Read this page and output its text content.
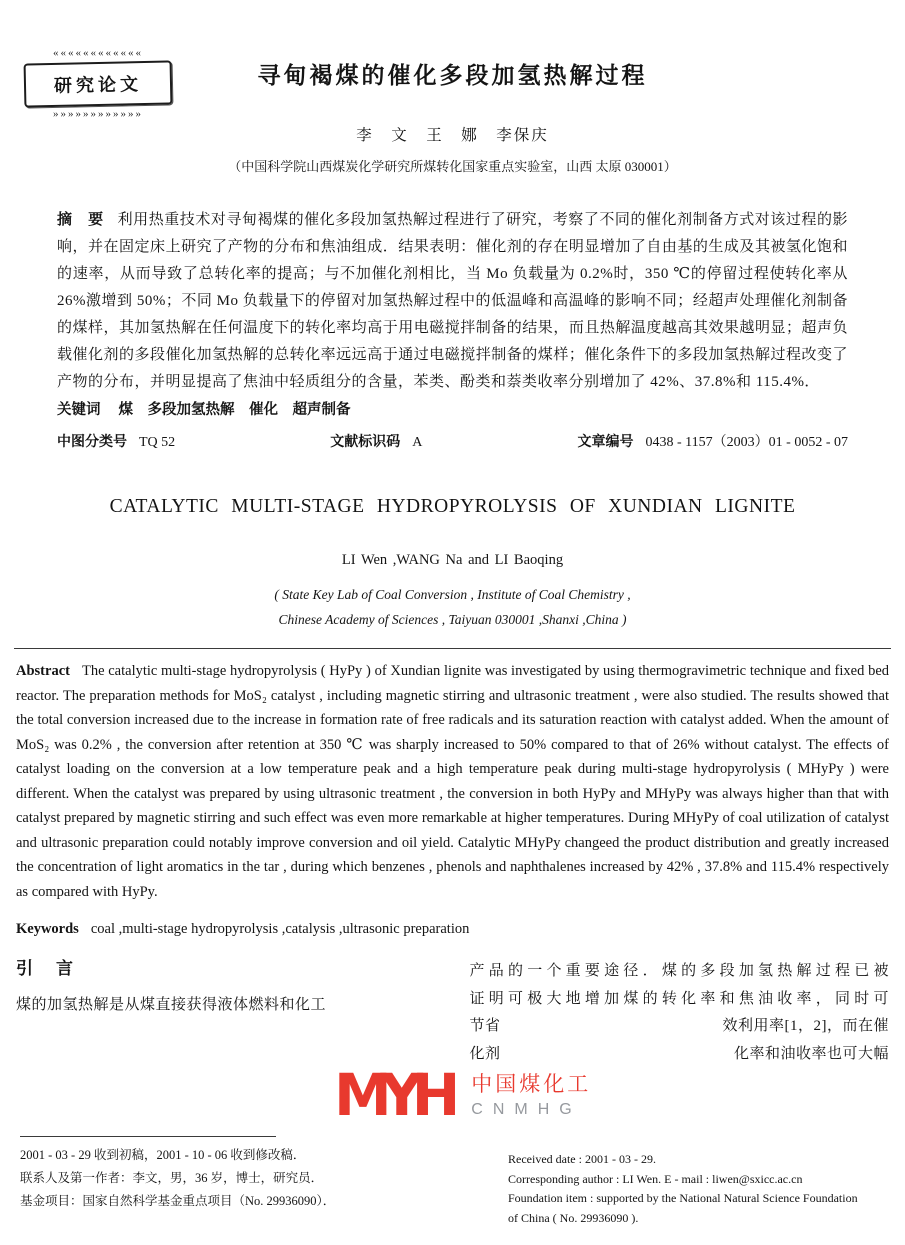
««««««««««««
研究论文
»»»»»»»»»»»»
寻甸褐煤的催化多段加氢热解过程
李　文　王　娜　李保庆
（中国科学院山西煤炭化学研究所煤转化国家重点实验室，山西 太原 030001）

摘　要 利用热重技术对寻甸褐煤的催化多段加氢热解过程进行了研究，考察了不同的催化剂制备方式对该过程的影响，并在固定床上研究了产物的分布和焦油组成．结果表明：催化剂的存在明显增加了自由基的生成及其被氢化饱和的速率，从而导致了总转化率的提高；与不加催化剂相比，当 Mo 负载量为 0.2%时，350 ℃的停留过程使转化率从 26%激增到 50%；不同 Mo 负载量下的停留对加氢热解过程中的低温峰和高温峰的影响不同；经超声处理催化剂制备的煤样，其加氢热解在任何温度下的转化率均高于用电磁搅拌制备的结果，而且热解温度越高其效果越明显；超声负载催化剂的多段催化加氢热解的总转化率远远高于通过电磁搅拌制备的煤样；催化条件下的多段加氢热解过程改变了产物的分布，并明显提高了焦油中轻质组分的含量，苯类、酚类和萘类收率分别增加了 42%、37.8%和 115.4%．

关键词 煤　多段加氢热解　催化　超声制备

中图分类号 TQ 52	文献标识码 A	文章编号 0438 - 1157（2003）01 - 0052 - 07
CATALYTIC MULTI-STAGE HYDROPYROLYSIS OF XUNDIAN LIGNITE
LI Wen ,WANG Na and LI Baoqing
( State Key Lab of Coal Conversion , Institute of Coal Chemistry ,
Chinese Academy of Sciences , Taiyuan 030001 ,Shanxi ,China )

Abstract The catalytic multi-stage hydropyrolysis ( HyPy ) of Xundian lignite was investigated by using thermogravimetric technique and fixed bed reactor. The preparation methods for MoS₂ catalyst , including magnetic stirring and ultrasonic treatment , were also studied. The results showed that the total conversion increased due to the increase in formation rate of free radicals and its saturation reaction with catalyst added. When the amount of MoS₂ was 0.2% , the conversion after retention at 350 ℃ was sharply increased to 50% compared to that of 26% without catalyst. The effects of catalyst loading on the conversion at a low temperature peak and a high temperature peak during multi-stage hydropyrolysis ( MHyPy ) were different. When the catalyst was prepared by using ultrasonic treatment , the conversion in both HyPy and MHyPy was always higher than that with catalyst prepared by magnetic stirring and such effect was even more remarkable at higher temperatures. During MHyPy of coal utilization of catalyst and ultrasonic preparation could notably improve conversion and oil yield. Catalytic MHyPy changeed the product distribution and greatly increased the concentration of light aromatics in the tar , during which benzenes , phenols and naphthalenes increased by 42% , 37.8% and 115.4% respectively as compared with HyPy.

Keywords coal ,multi-stage hydropyrolysis ,catalysis ,ultrasonic preparation

引　言

煤的加氢热解是从煤直接获得液体燃料和化工

产品的一个重要途径．煤的多段加氢热解过程已被
证明可极大地增加煤的转化率和焦油收率，同时可
节省	效利用率[1，2]，而在催
化剂	化率和油收率也可大幅
2001 - 03 - 29 收到初稿，2001 - 10 - 06 收到修改稿．
联系人及第一作者：李文，男，36 岁，博士，研究员．
基金项目：国家自然科学基金重点项目（No. 29936090）．
Received date : 2001 - 03 - 29.
Corresponding author : LI Wen. E - mail : liwen@sxicc.ac.cn
Foundation item : supported by the National Natural Science Foundation
of China ( No. 29936090 ).
MYH 中国煤化工
CNMHG
